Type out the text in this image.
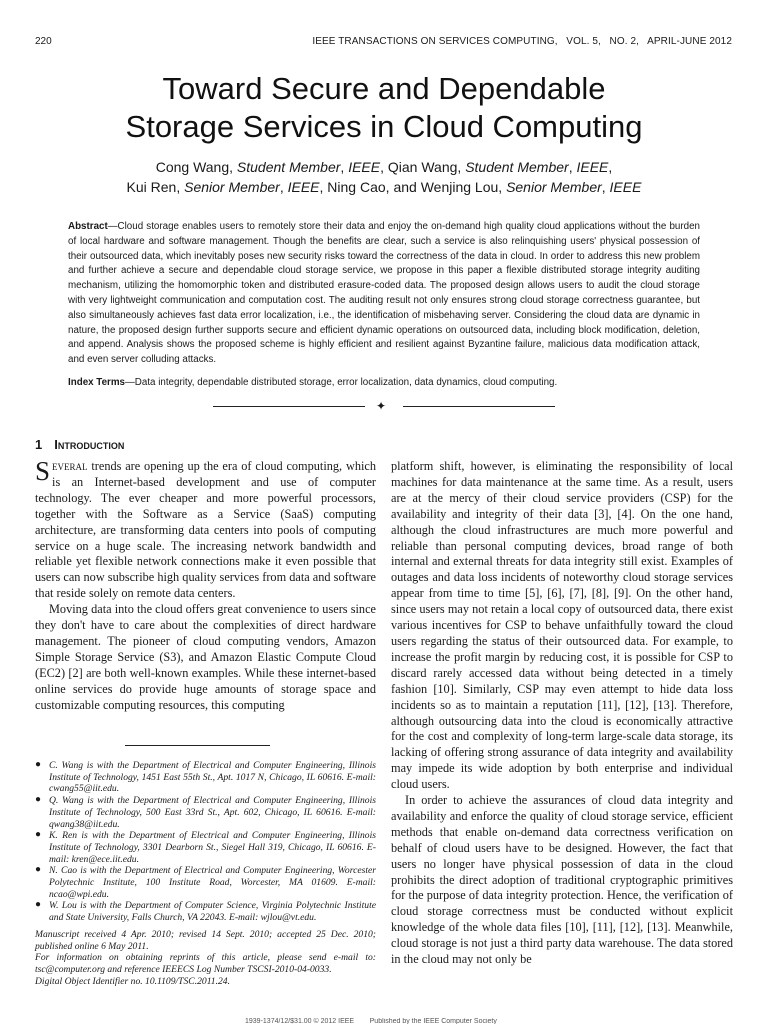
220	IEEE TRANSACTIONS ON SERVICES COMPUTING,   VOL. 5,   NO. 2,   APRIL-JUNE 2012
Toward Secure and Dependable
Storage Services in Cloud Computing
Cong Wang, Student Member, IEEE, Qian Wang, Student Member, IEEE,
Kui Ren, Senior Member, IEEE, Ning Cao, and Wenjing Lou, Senior Member, IEEE
Abstract—Cloud storage enables users to remotely store their data and enjoy the on-demand high quality cloud applications without the burden of local hardware and software management. Though the benefits are clear, such a service is also relinquishing users' physical possession of their outsourced data, which inevitably poses new security risks toward the correctness of the data in cloud. In order to address this new problem and further achieve a secure and dependable cloud storage service, we propose in this paper a flexible distributed storage integrity auditing mechanism, utilizing the homomorphic token and distributed erasure-coded data. The proposed design allows users to audit the cloud storage with very lightweight communication and computation cost. The auditing result not only ensures strong cloud storage correctness guarantee, but also simultaneously achieves fast data error localization, i.e., the identification of misbehaving server. Considering the cloud data are dynamic in nature, the proposed design further supports secure and efficient dynamic operations on outsourced data, including block modification, deletion, and append. Analysis shows the proposed scheme is highly efficient and resilient against Byzantine failure, malicious data modification attack, and even server colluding attacks.
Index Terms—Data integrity, dependable distributed storage, error localization, data dynamics, cloud computing.
✦
1 Introduction

Several trends are opening up the era of cloud computing, which is an Internet-based development and use of computer technology. The ever cheaper and more powerful processors, together with the Software as a Service (SaaS) computing architecture, are transforming data centers into pools of computing service on a huge scale. The increasing network bandwidth and reliable yet flexible network connections make it even possible that users can now subscribe high quality services from data and software that reside solely on remote data centers.

Moving data into the cloud offers great convenience to users since they don't have to care about the complexities of direct hardware management. The pioneer of cloud computing vendors, Amazon Simple Storage Service (S3), and Amazon Elastic Compute Cloud (EC2) [2] are both well-known examples. While these internet-based online services do provide huge amounts of storage space and customizable computing resources, this computing

platform shift, however, is eliminating the responsibility of local machines for data maintenance at the same time. As a result, users are at the mercy of their cloud service providers (CSP) for the availability and integrity of their data [3], [4]. On the one hand, although the cloud infrastructures are much more powerful and reliable than personal computing devices, broad range of both internal and external threats for data integrity still exist. Examples of outages and data loss incidents of noteworthy cloud storage services appear from time to time [5], [6], [7], [8], [9]. On the other hand, since users may not retain a local copy of outsourced data, there exist various incentives for CSP to behave unfaithfully toward the cloud users regarding the status of their outsourced data. For example, to increase the profit margin by reducing cost, it is possible for CSP to discard rarely accessed data without being detected in a timely fashion [10]. Similarly, CSP may even attempt to hide data loss incidents so as to maintain a reputation [11], [12], [13]. Therefore, although outsourcing data into the cloud is economically attractive for the cost and complexity of long-term large-scale data storage, its lacking of offering strong assurance of data integrity and availability may impede its wide adoption by both enterprise and individual cloud users.

In order to achieve the assurances of cloud data integrity and availability and enforce the quality of cloud storage service, efficient methods that enable on-demand data correctness verification on behalf of cloud users have to be designed. However, the fact that users no longer have physical possession of data in the cloud prohibits the direct adoption of traditional cryptographic primitives for the purpose of data integrity protection. Hence, the verification of cloud storage correctness must be conducted without explicit knowledge of the whole data files [10], [11], [12], [13]. Meanwhile, cloud storage is not just a third party data warehouse. The data stored in the cloud may not only be

● C. Wang is with the Department of Electrical and Computer Engineering, Illinois Institute of Technology, 1451 East 55th St., Apt. 1017 N, Chicago, IL 60616. E-mail: cwang55@iit.edu.
● Q. Wang is with the Department of Electrical and Computer Engineering, Illinois Institute of Technology, 500 East 33rd St., Apt. 602, Chicago, IL 60616. E-mail: qwang38@iit.edu.
● K. Ren is with the Department of Electrical and Computer Engineering, Illinois Institute of Technology, 3301 Dearborn St., Siegel Hall 319, Chicago, IL 60616. E-mail: kren@ece.iit.edu.
● N. Cao is with the Department of Electrical and Computer Engineering, Worcester Polytechnic Institute, 100 Institute Road, Worcester, MA 01609. E-mail: ncao@wpi.edu.
● W. Lou is with the Department of Computer Science, Virginia Polytechnic Institute and State University, Falls Church, VA 22043. E-mail: wjlou@vt.edu.
Manuscript received 4 Apr. 2010; revised 14 Sept. 2010; accepted 25 Dec. 2010; published online 6 May 2011.
For information on obtaining reprints of this article, please send e-mail to: tsc@computer.org and reference IEEECS Log Number TSCSI-2010-04-0033.
Digital Object Identifier no. 10.1109/TSC.2011.24.
1939-1374/12/$31.00 © 2012 IEEE        Published by the IEEE Computer Society
